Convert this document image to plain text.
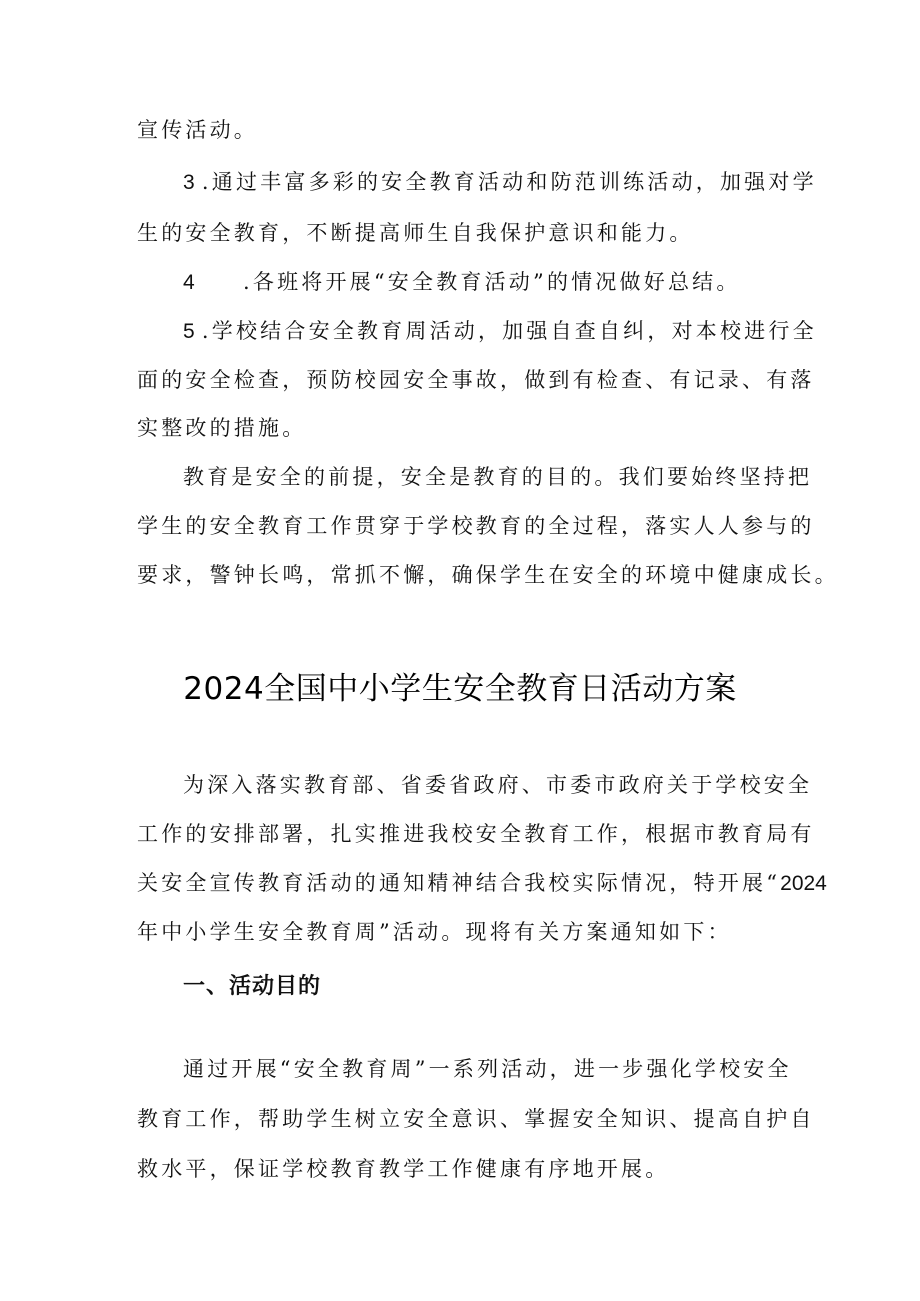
宣传活动。
3 .通过丰富多彩的安全教育活动和防范训练活动，加强对学
生的安全教育，不断提高师生自我保护意识和能力。
4 .各班将开展“安全教育活动”的情况做好总结。
5 .学校结合安全教育周活动，加强自查自纠，对本校进行全
面的安全检查，预防校园安全事故，做到有检查、有记录、有落
实整改的措施。
教育是安全的前提，安全是教育的目的。我们要始终坚持把
学生的安全教育工作贯穿于学校教育的全过程，落实人人参与的
要求，警钟长鸣，常抓不懈，确保学生在安全的环境中健康成长。
2024全国中小学生安全教育日活动方案
为深入落实教育部、省委省政府、市委市政府关于学校安全
工作的安排部署，扎实推进我校安全教育工作，根据市教育局有
关安全宣传教育活动的通知精神结合我校实际情况，特开展“2024
年中小学生安全教育周”活动。现将有关方案通知如下：
一、活动目的
通过开展“安全教育周”一系列活动，进一步强化学校安全
教育工作，帮助学生树立安全意识、掌握安全知识、提高自护自
救水平，保证学校教育教学工作健康有序地开展。
